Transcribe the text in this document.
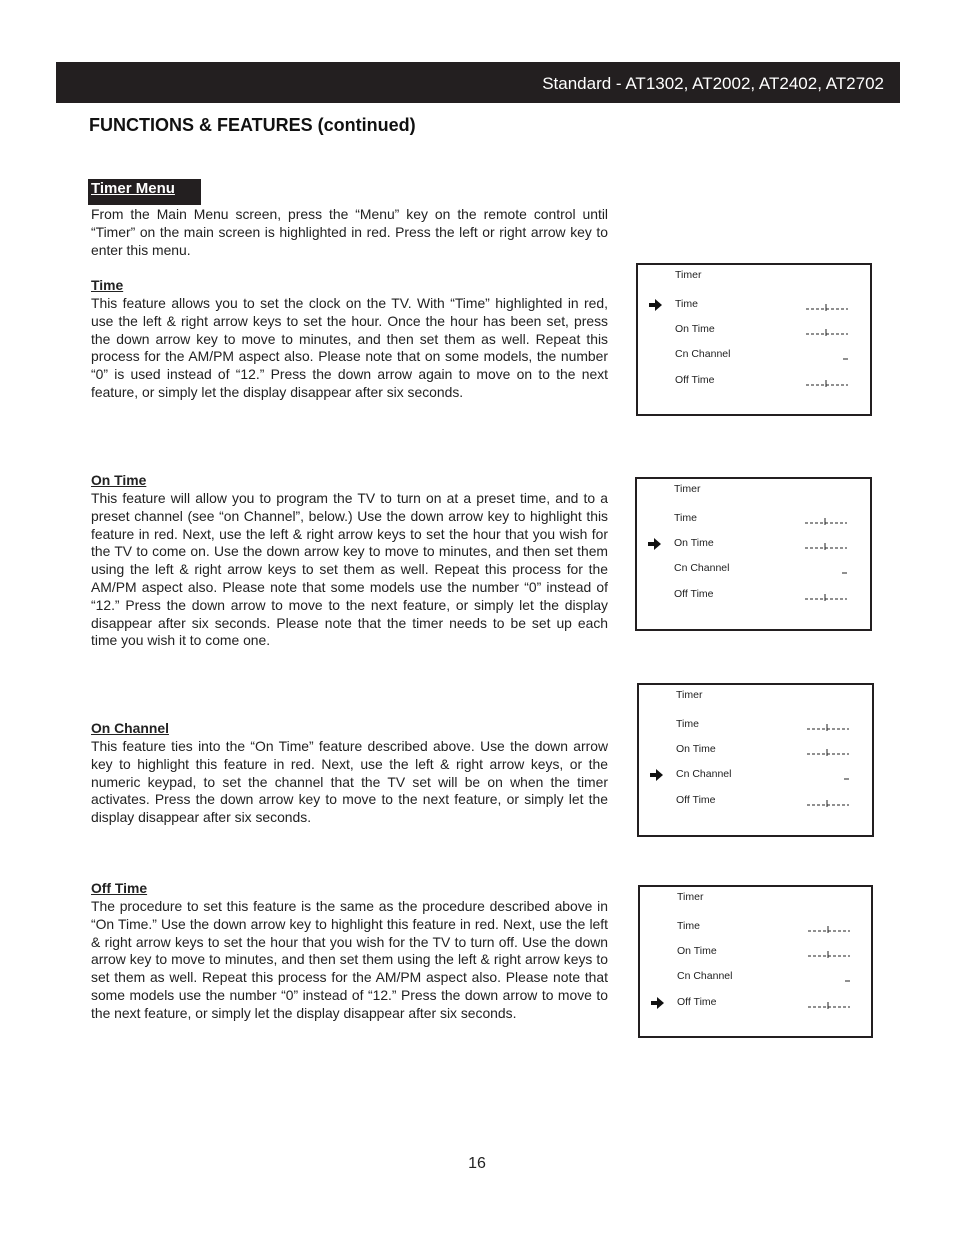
Standard - AT1302, AT2002, AT2402, AT2702
FUNCTIONS & FEATURES (continued)
Timer Menu

From the Main Menu screen, press the “Menu” key on the remote control until “Timer” on the main screen is highlighted in red. Press the left or right arrow key to enter this menu.

Time

This feature allows you to set the clock on the TV. With “Time” highlighted in red, use the left & right arrow keys to set the hour. Once the hour has been set, press the down arrow key to move to minutes, and then set them as well. Repeat this process for the AM/PM aspect also. Please note that on some models, the number “0” is used instead of “12.” Press the down arrow again to move on to the next feature, or simply let the display disappear after six seconds.

On Time

This feature will allow you to program the TV to turn on at a preset time, and to a preset channel (see “on Channel”, below.) Use the down arrow key to highlight this feature in red. Next, use the left & right arrow keys to set the hour that you wish for the TV to come on. Use the down arrow key to move to minutes, and then set them using the left & right arrow keys to set them as well. Repeat this process for the AM/PM aspect also. Please note that some models use the number “0” instead of “12.” Press the down arrow to move to the next feature, or simply let the display disappear after six seconds. Please note that the timer needs to be set up each time you wish it to come one.

On Channel

This feature ties into the “On Time” feature described above. Use the down arrow key to highlight this feature in red. Next, use the left & right arrow keys, or the numeric keypad, to set the channel that the TV set will be on when the timer activates. Press the down arrow key to move to the next feature, or simply let the display disappear after six seconds.

Off Time

The procedure to set this feature is the same as the procedure described above in “On Time.” Use the down arrow key to highlight this feature in red. Next, use the left & right arrow keys to set the hour that you wish for the TV to turn off. Use the down arrow key to move to minutes, and then set them using the left & right arrow keys to set them as well. Repeat this process for the AM/PM aspect also. Please note that some models use the number “0” instead of “12.” Press the down arrow to move to the next feature, or simply let the display disappear after six seconds.

Timer
Time
On Time
Cn Channel
Off Time
Timer
Time
On Time
Cn Channel
Off Time
Timer
Time
On Time
Cn Channel
Off Time
Timer
Time
On Time
Cn Channel
Off Time
16
